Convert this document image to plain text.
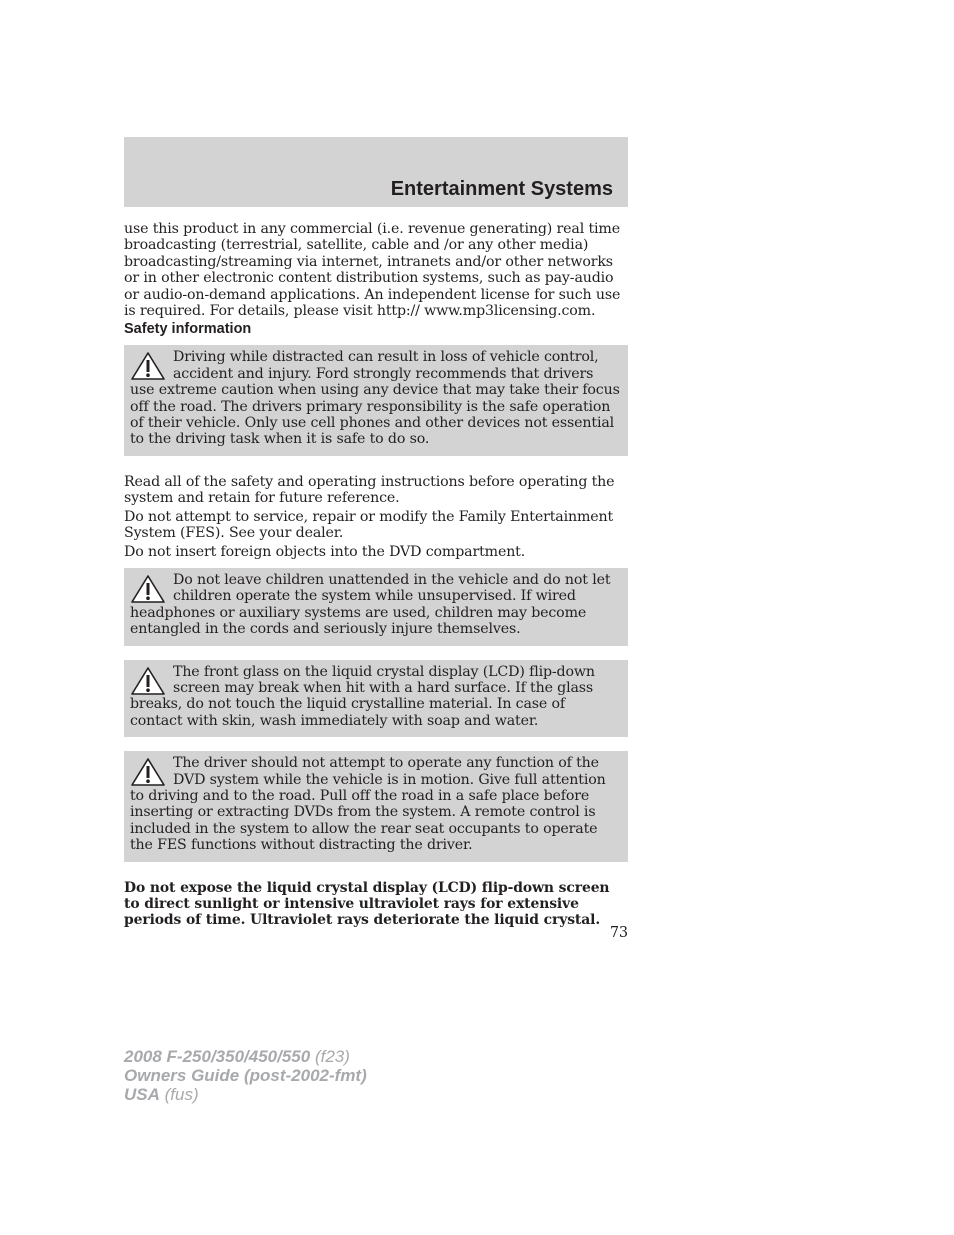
Entertainment Systems

use this product in any commercial (i.e. revenue generating) real time broadcasting (terrestrial, satellite, cable and /or any other media) broadcasting/streaming via internet, intranets and/or other networks or in other electronic content distribution systems, such as pay-audio or audio-on-demand applications. An independent license for such use is required. For details, please visit http:// www.mp3licensing.com.

Safety information

Driving while distracted can result in loss of vehicle control, accident and injury. Ford strongly recommends that drivers use extreme caution when using any device that may take their focus off the road. The drivers primary responsibility is the safe operation of their vehicle. Only use cell phones and other devices not essential to the driving task when it is safe to do so.

Read all of the safety and operating instructions before operating the system and retain for future reference.

Do not attempt to service, repair or modify the Family Entertainment System (FES). See your dealer.

Do not insert foreign objects into the DVD compartment.

Do not leave children unattended in the vehicle and do not let children operate the system while unsupervised. If wired headphones or auxiliary systems are used, children may become entangled in the cords and seriously injure themselves.

The front glass on the liquid crystal display (LCD) flip-down screen may break when hit with a hard surface. If the glass breaks, do not touch the liquid crystalline material. In case of contact with skin, wash immediately with soap and water.

The driver should not attempt to operate any function of the DVD system while the vehicle is in motion. Give full attention to driving and to the road. Pull off the road in a safe place before inserting or extracting DVDs from the system. A remote control is included in the system to allow the rear seat occupants to operate the FES functions without distracting the driver.

Do not expose the liquid crystal display (LCD) flip-down screen to direct sunlight or intensive ultraviolet rays for extensive periods of time. Ultraviolet rays deteriorate the liquid crystal.

73

2008 F-250/350/450/550 (f23)
Owners Guide (post-2002-fmt)
USA (fus)
